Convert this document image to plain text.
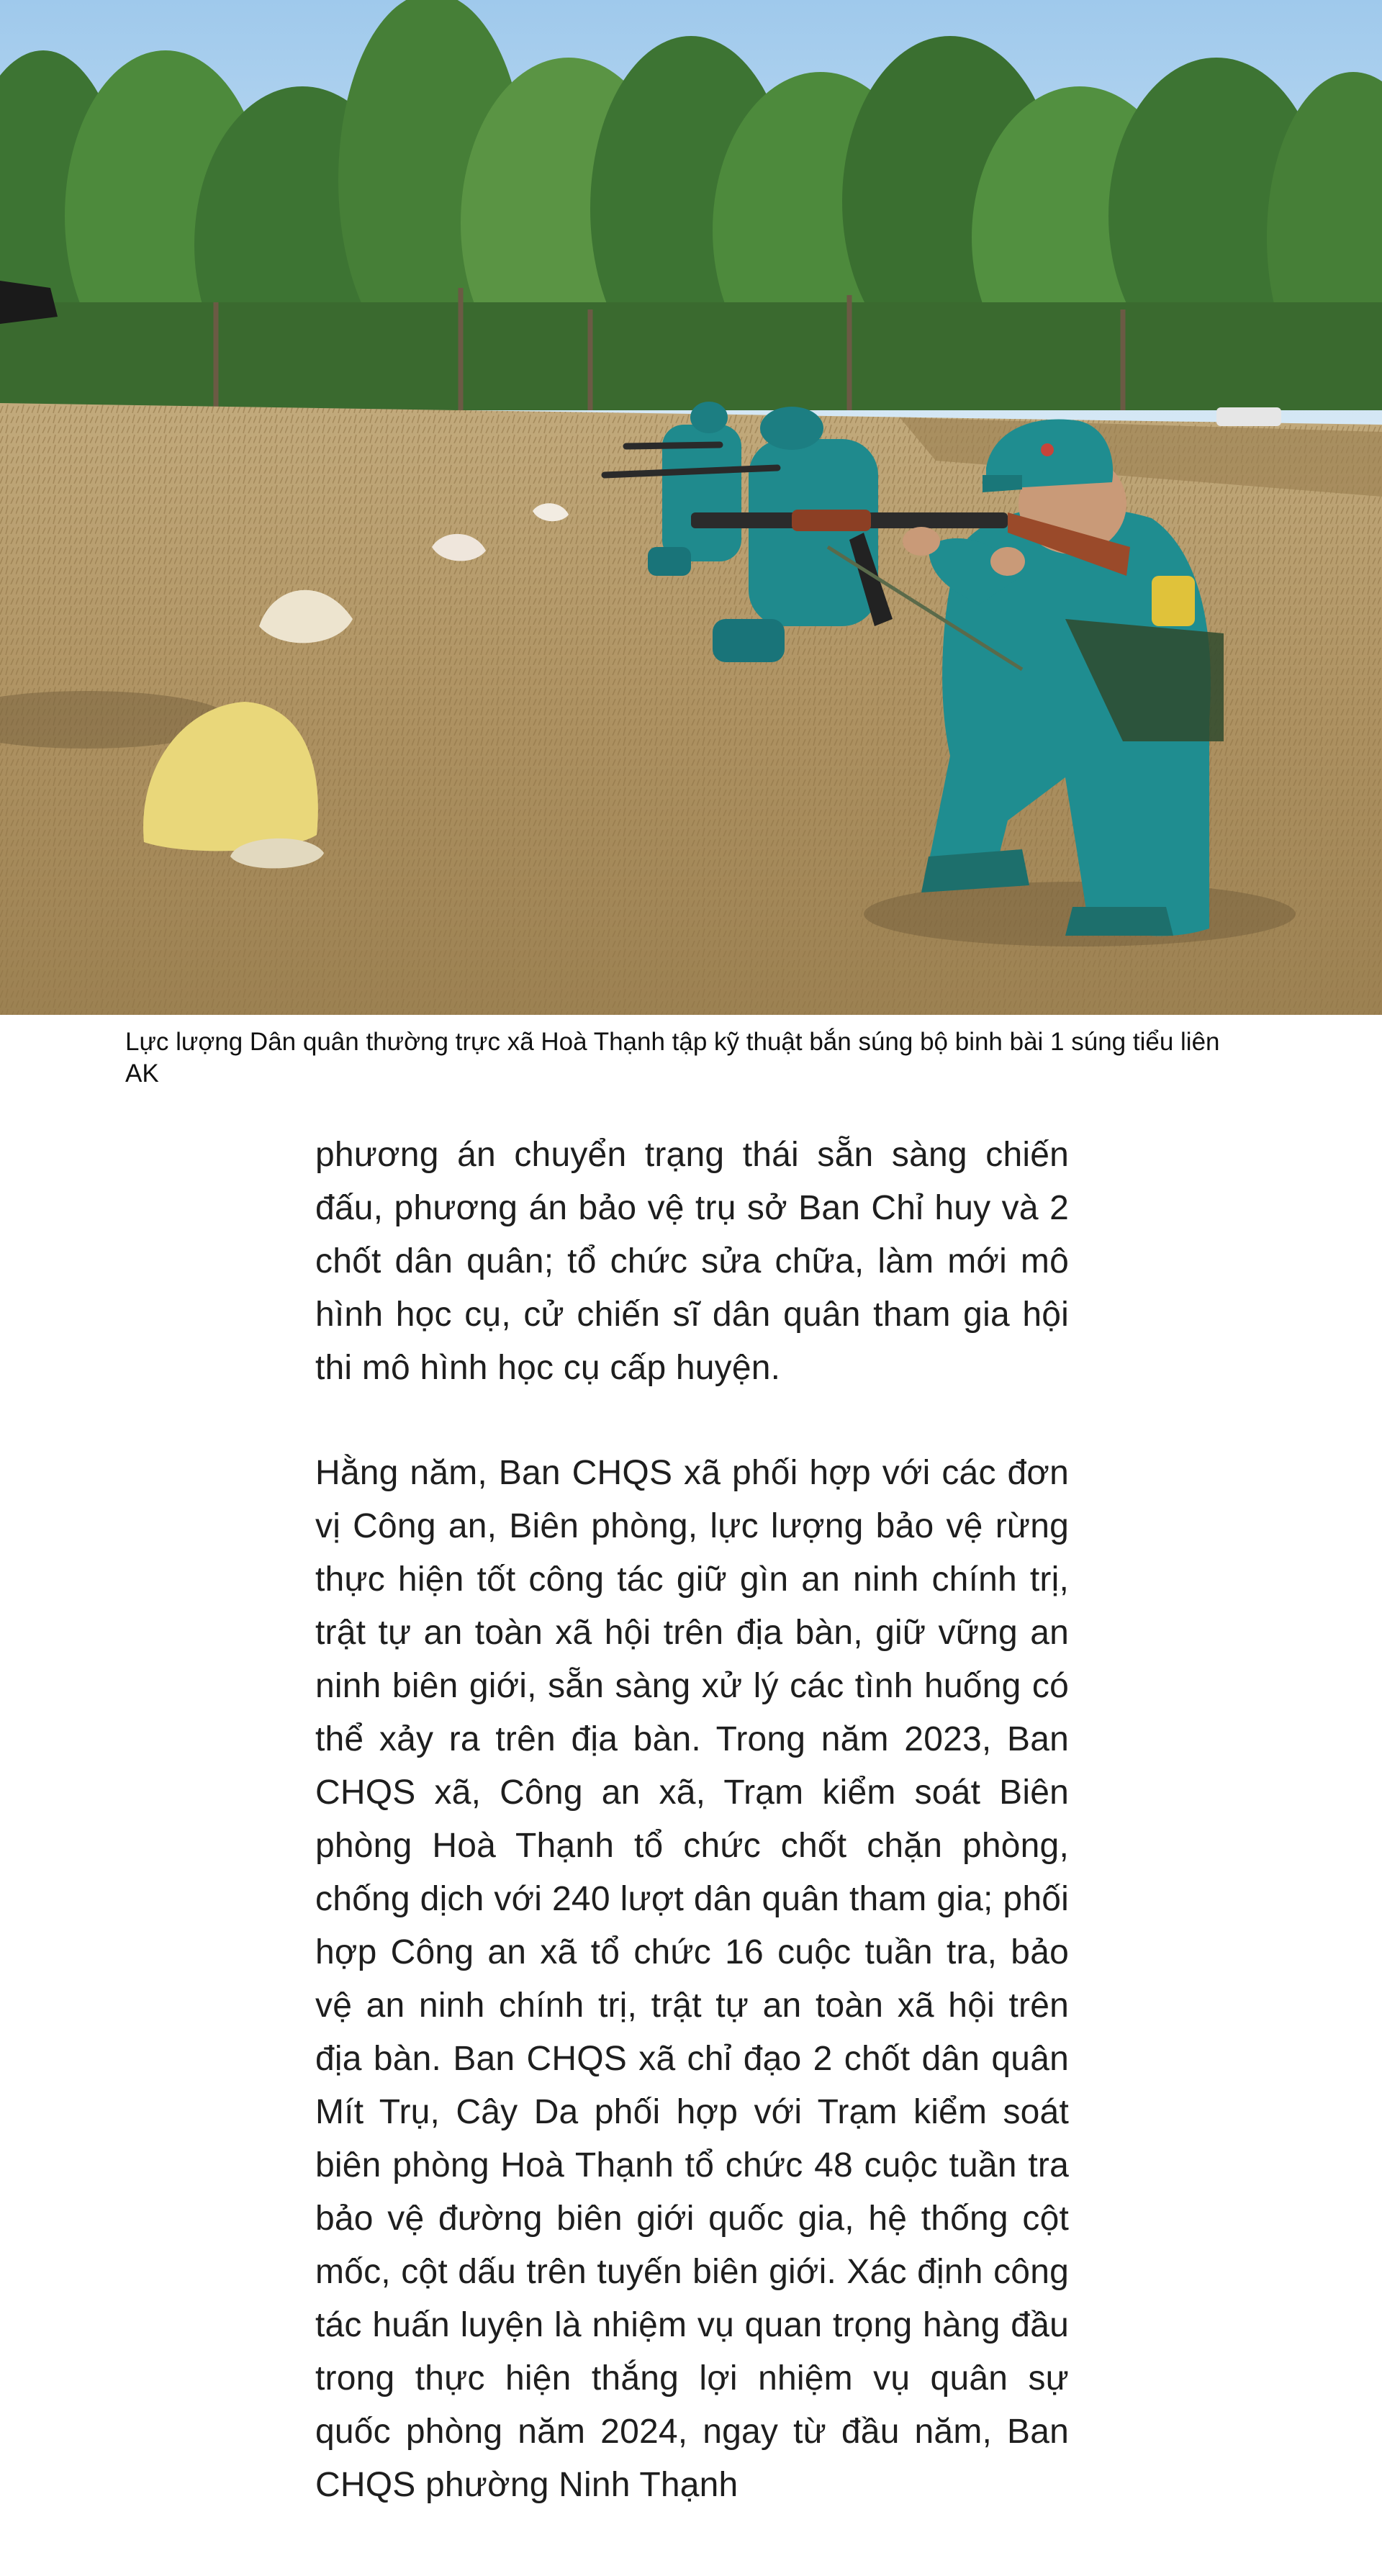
Lực lượng Dân quân thường trực xã Hoà Thạnh tập kỹ thuật bắn súng bộ binh bài 1 súng tiểu liên AK

phương án chuyển trạng thái sẵn sàng chiến đấu, phương án bảo vệ trụ sở Ban Chỉ huy và 2 chốt dân quân; tổ chức sửa chữa, làm mới mô hình học cụ, cử chiến sĩ dân quân tham gia hội thi mô hình học cụ cấp huyện.

Hằng năm, Ban CHQS xã phối hợp với các đơn vị Công an, Biên phòng, lực lượng bảo vệ rừng thực hiện tốt công tác giữ gìn an ninh chính trị, trật tự an toàn xã hội trên địa bàn, giữ vững an ninh biên giới, sẵn sàng xử lý các tình huống có thể xảy ra trên địa bàn. Trong năm 2023, Ban CHQS xã, Công an xã, Trạm kiểm soát Biên phòng Hoà Thạnh tổ chức chốt chặn phòng, chống dịch với 240 lượt dân quân tham gia; phối hợp Công an xã tổ chức 16 cuộc tuần tra, bảo vệ an ninh chính trị, trật tự an toàn xã hội trên địa bàn. Ban CHQS xã chỉ đạo 2 chốt dân quân Mít Trụ, Cây Da phối hợp với Trạm kiểm soát biên phòng Hoà Thạnh tổ chức 48 cuộc tuần tra bảo vệ đường biên giới quốc gia, hệ thống cột mốc, cột dấu trên tuyến biên giới. Xác định công tác huấn luyện là nhiệm vụ quan trọng hàng đầu trong thực hiện thắng lợi nhiệm vụ quân sự quốc phòng năm 2024, ngay từ đầu năm, Ban CHQS phường Ninh Thạnh
